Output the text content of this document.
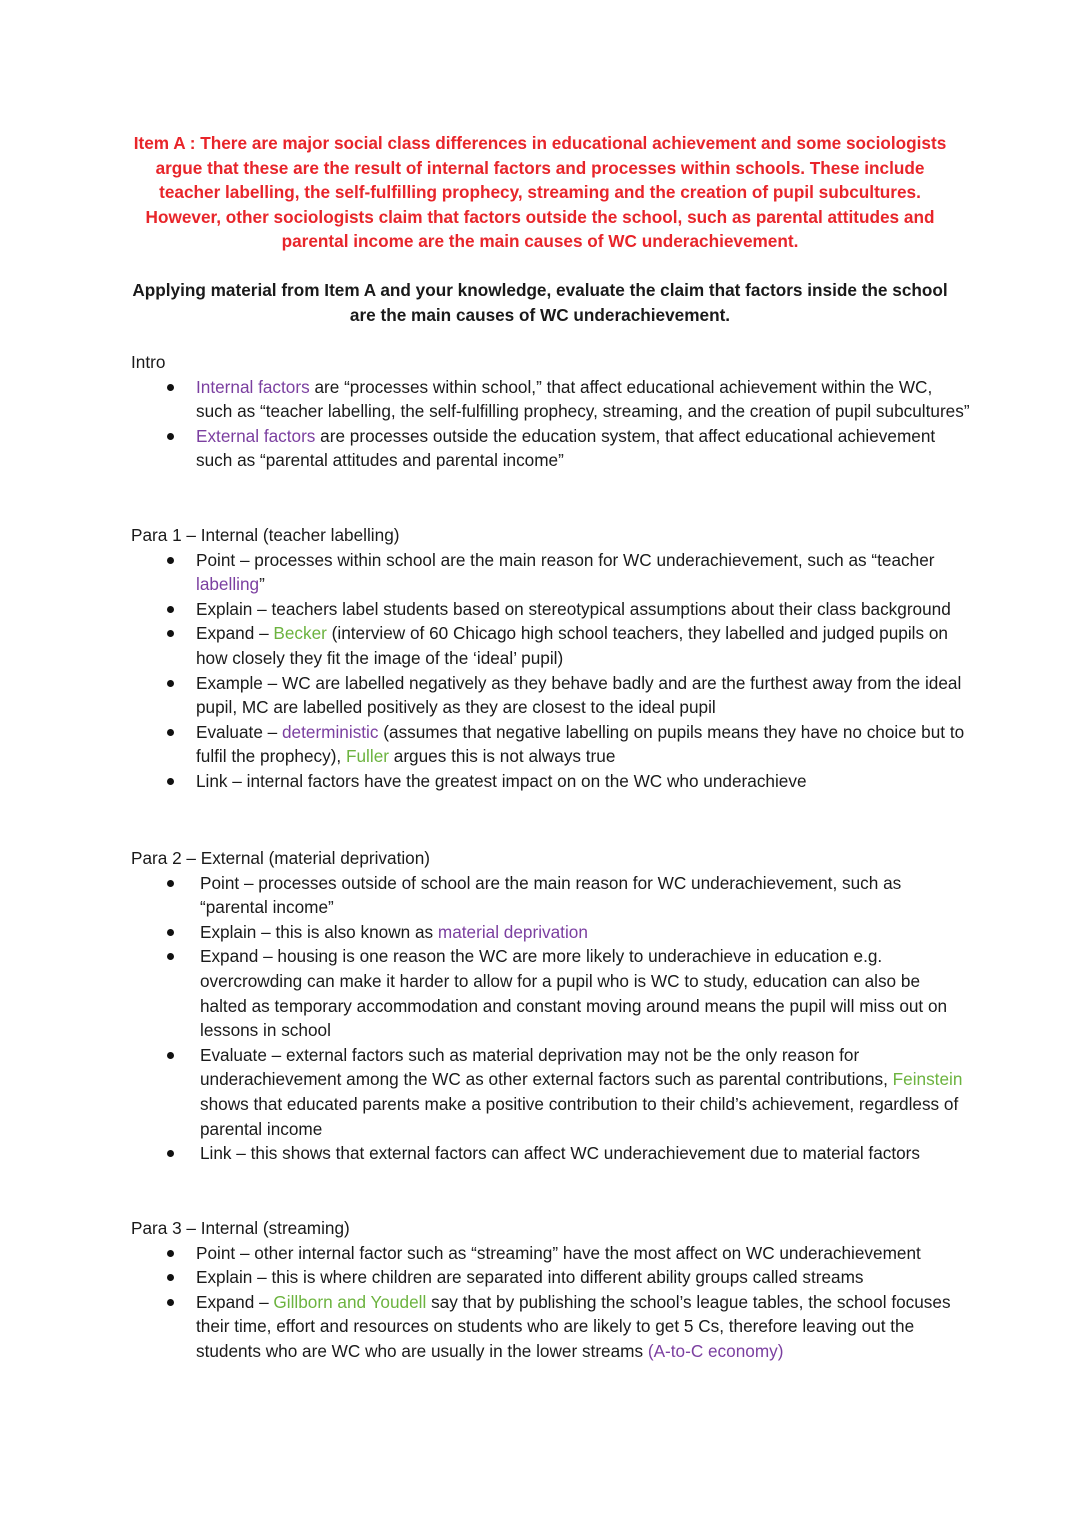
Item A : There are major social class differences in educational achievement and some sociologists argue that these are the result of internal factors and processes within schools. These include teacher labelling, the self-fulfilling prophecy, streaming and the creation of pupil subcultures. However, other sociologists claim that factors outside the school, such as parental attitudes and parental income are the main causes of WC underachievement.
Applying material from Item A and your knowledge, evaluate the claim that factors inside the school are the main causes of WC underachievement.

Intro

Internal factors are “processes within school,” that affect educational achievement within the WC, such as “teacher labelling, the self-fulfilling prophecy, streaming, and the creation of pupil subcultures”
External factors are processes outside the education system, that affect educational achievement such as “parental attitudes and parental income”

Para 1 – Internal (teacher labelling)

Point – processes within school are the main reason for WC underachievement, such as “teacher labelling”
Explain – teachers label students based on stereotypical assumptions about their class background
Expand – Becker (interview of 60 Chicago high school teachers, they labelled and judged pupils on how closely they fit the image of the ‘ideal’ pupil)
Example – WC are labelled negatively as they behave badly and are the furthest away from the ideal pupil, MC are labelled positively as they are closest to the ideal pupil
Evaluate – deterministic (assumes that negative labelling on pupils means they have no choice but to fulfil the prophecy), Fuller argues this is not always true
Link – internal factors have the greatest impact on on the WC who underachieve

Para 2 – External (material deprivation)

Point – processes outside of school are the main reason for WC underachievement, such as “parental income”
Explain – this is also known as material deprivation
Expand – housing is one reason the WC are more likely to underachieve in education e.g. overcrowding can make it harder to allow for a pupil who is WC to study, education can also be halted as temporary accommodation and constant moving around means the pupil will miss out on lessons in school
Evaluate – external factors such as material deprivation may not be the only reason for underachievement among the WC as other external factors such as parental contributions, Feinstein shows that educated parents make a positive contribution to their child’s achievement, regardless of parental income
Link – this shows that external factors can affect WC underachievement due to material factors

Para 3 – Internal (streaming)

Point – other internal factor such as “streaming” have the most affect on WC underachievement
Explain – this is where children are separated into different ability groups called streams
Expand – Gillborn and Youdell say that by publishing the school’s league tables, the school focuses their time, effort and resources on students who are likely to get 5 Cs, therefore leaving out the students who are WC who are usually in the lower streams (A-to-C economy)
